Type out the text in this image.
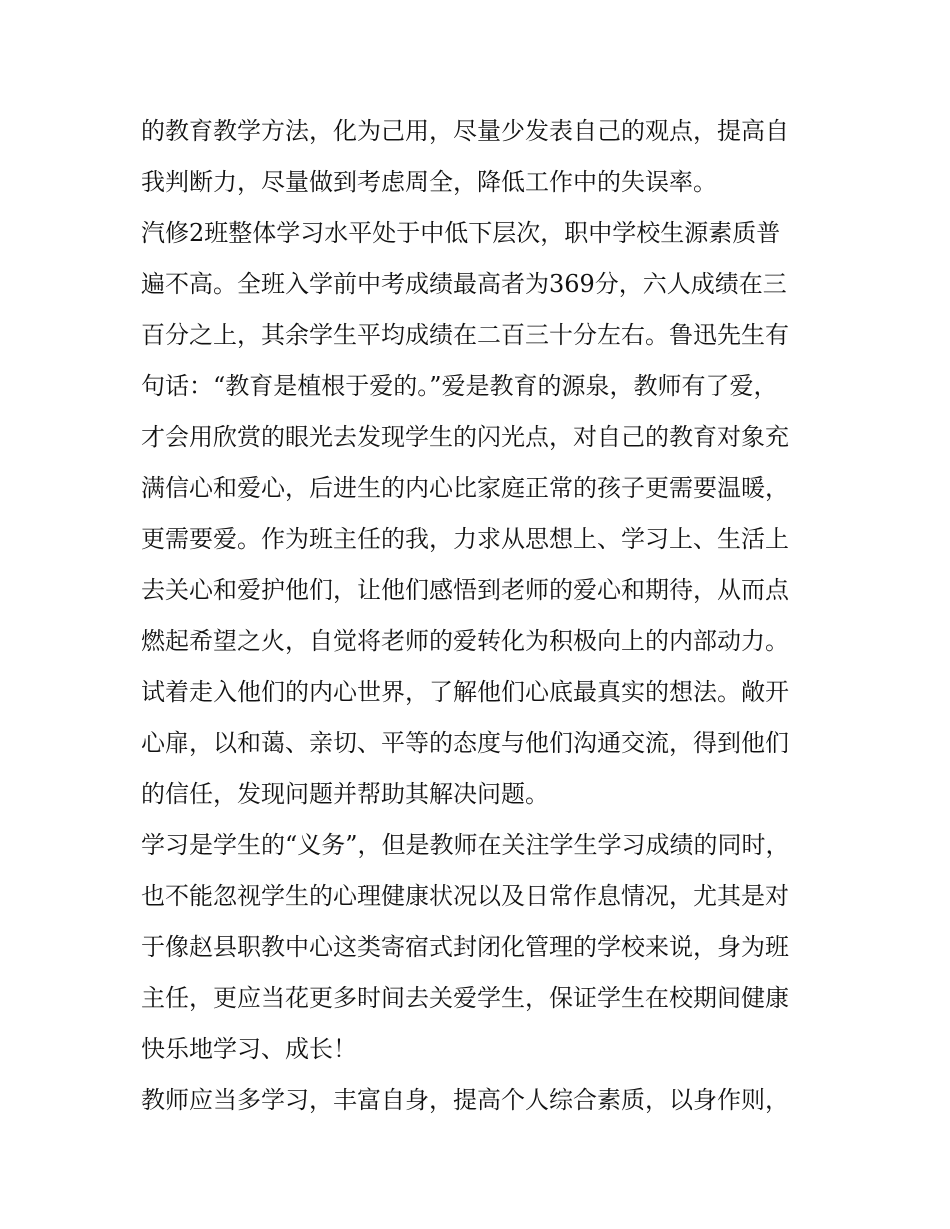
的教育教学方法，化为己用，尽量少发表自己的观点，提高自
我判断力，尽量做到考虑周全，降低工作中的失误率。
汽修2班整体学习水平处于中低下层次，职中学校生源素质普
遍不高。全班入学前中考成绩最高者为369分，六人成绩在三
百分之上，其余学生平均成绩在二百三十分左右。鲁迅先生有
句话：“教育是植根于爱的。”爱是教育的源泉，教师有了爱，
才会用欣赏的眼光去发现学生的闪光点，对自己的教育对象充
满信心和爱心，后进生的内心比家庭正常的孩子更需要温暖，
更需要爱。作为班主任的我，力求从思想上、学习上、生活上
去关心和爱护他们，让他们感悟到老师的爱心和期待，从而点
燃起希望之火，自觉将老师的爱转化为积极向上的内部动力。
试着走入他们的内心世界，了解他们心底最真实的想法。敞开
心扉，以和蔼、亲切、平等的态度与他们沟通交流，得到他们
的信任，发现问题并帮助其解决问题。
学习是学生的“义务”，但是教师在关注学生学习成绩的同时，
也不能忽视学生的心理健康状况以及日常作息情况，尤其是对
于像赵县职教中心这类寄宿式封闭化管理的学校来说，身为班
主任，更应当花更多时间去关爱学生，保证学生在校期间健康
快乐地学习、成长！
教师应当多学习，丰富自身，提高个人综合素质，以身作则，
